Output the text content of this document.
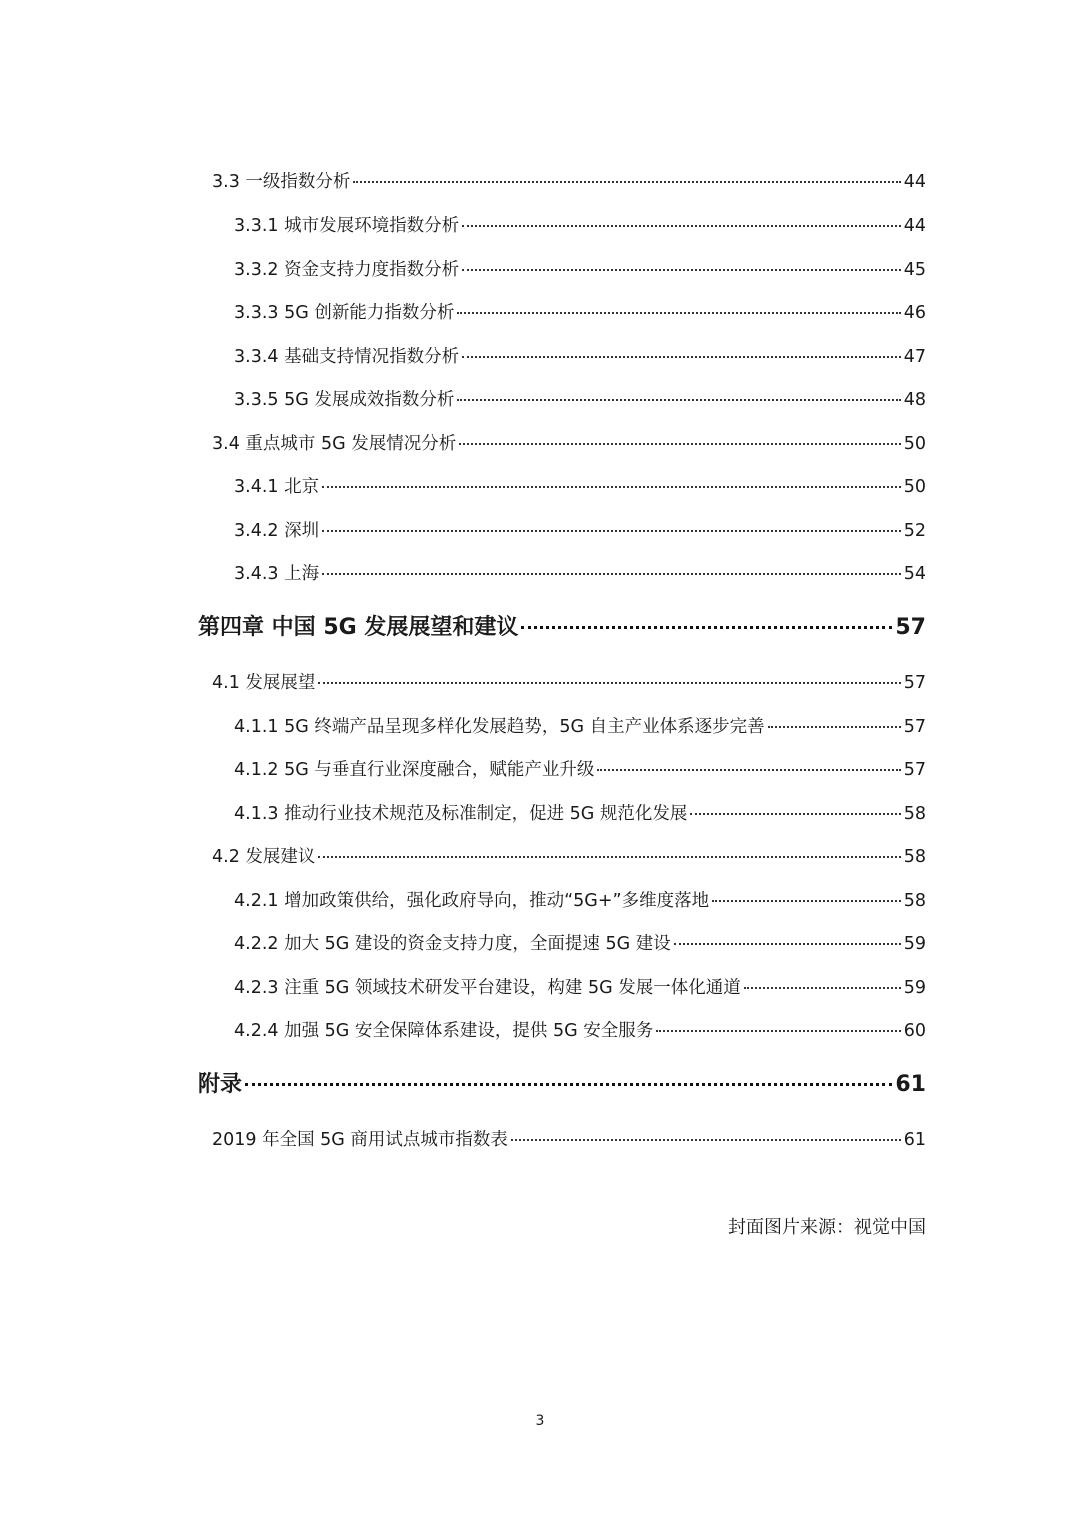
3.3 一级指数分析	44
3.3.1 城市发展环境指数分析	44
3.3.2 资金支持力度指数分析	45
3.3.3 5G 创新能力指数分析	46
3.3.4 基础支持情况指数分析	47
3.3.5 5G 发展成效指数分析	48
3.4 重点城市 5G 发展情况分析	50
3.4.1 北京	50
3.4.2 深圳	52
3.4.3 上海	54
第四章 中国 5G 发展展望和建议	57
4.1 发展展望	57
4.1.1 5G 终端产品呈现多样化发展趋势，5G 自主产业体系逐步完善	57
4.1.2 5G 与垂直行业深度融合，赋能产业升级	57
4.1.3 推动行业技术规范及标准制定，促进 5G 规范化发展	58
4.2 发展建议	58
4.2.1 增加政策供给，强化政府导向，推动“5G+”多维度落地	58
4.2.2 加大 5G 建设的资金支持力度，全面提速 5G 建设	59
4.2.3 注重 5G 领域技术研发平台建设，构建 5G 发展一体化通道	59
4.2.4 加强 5G 安全保障体系建设，提供 5G 安全服务	60
附录	61
2019 年全国 5G 商用试点城市指数表	61
封面图片来源：视觉中国
3
